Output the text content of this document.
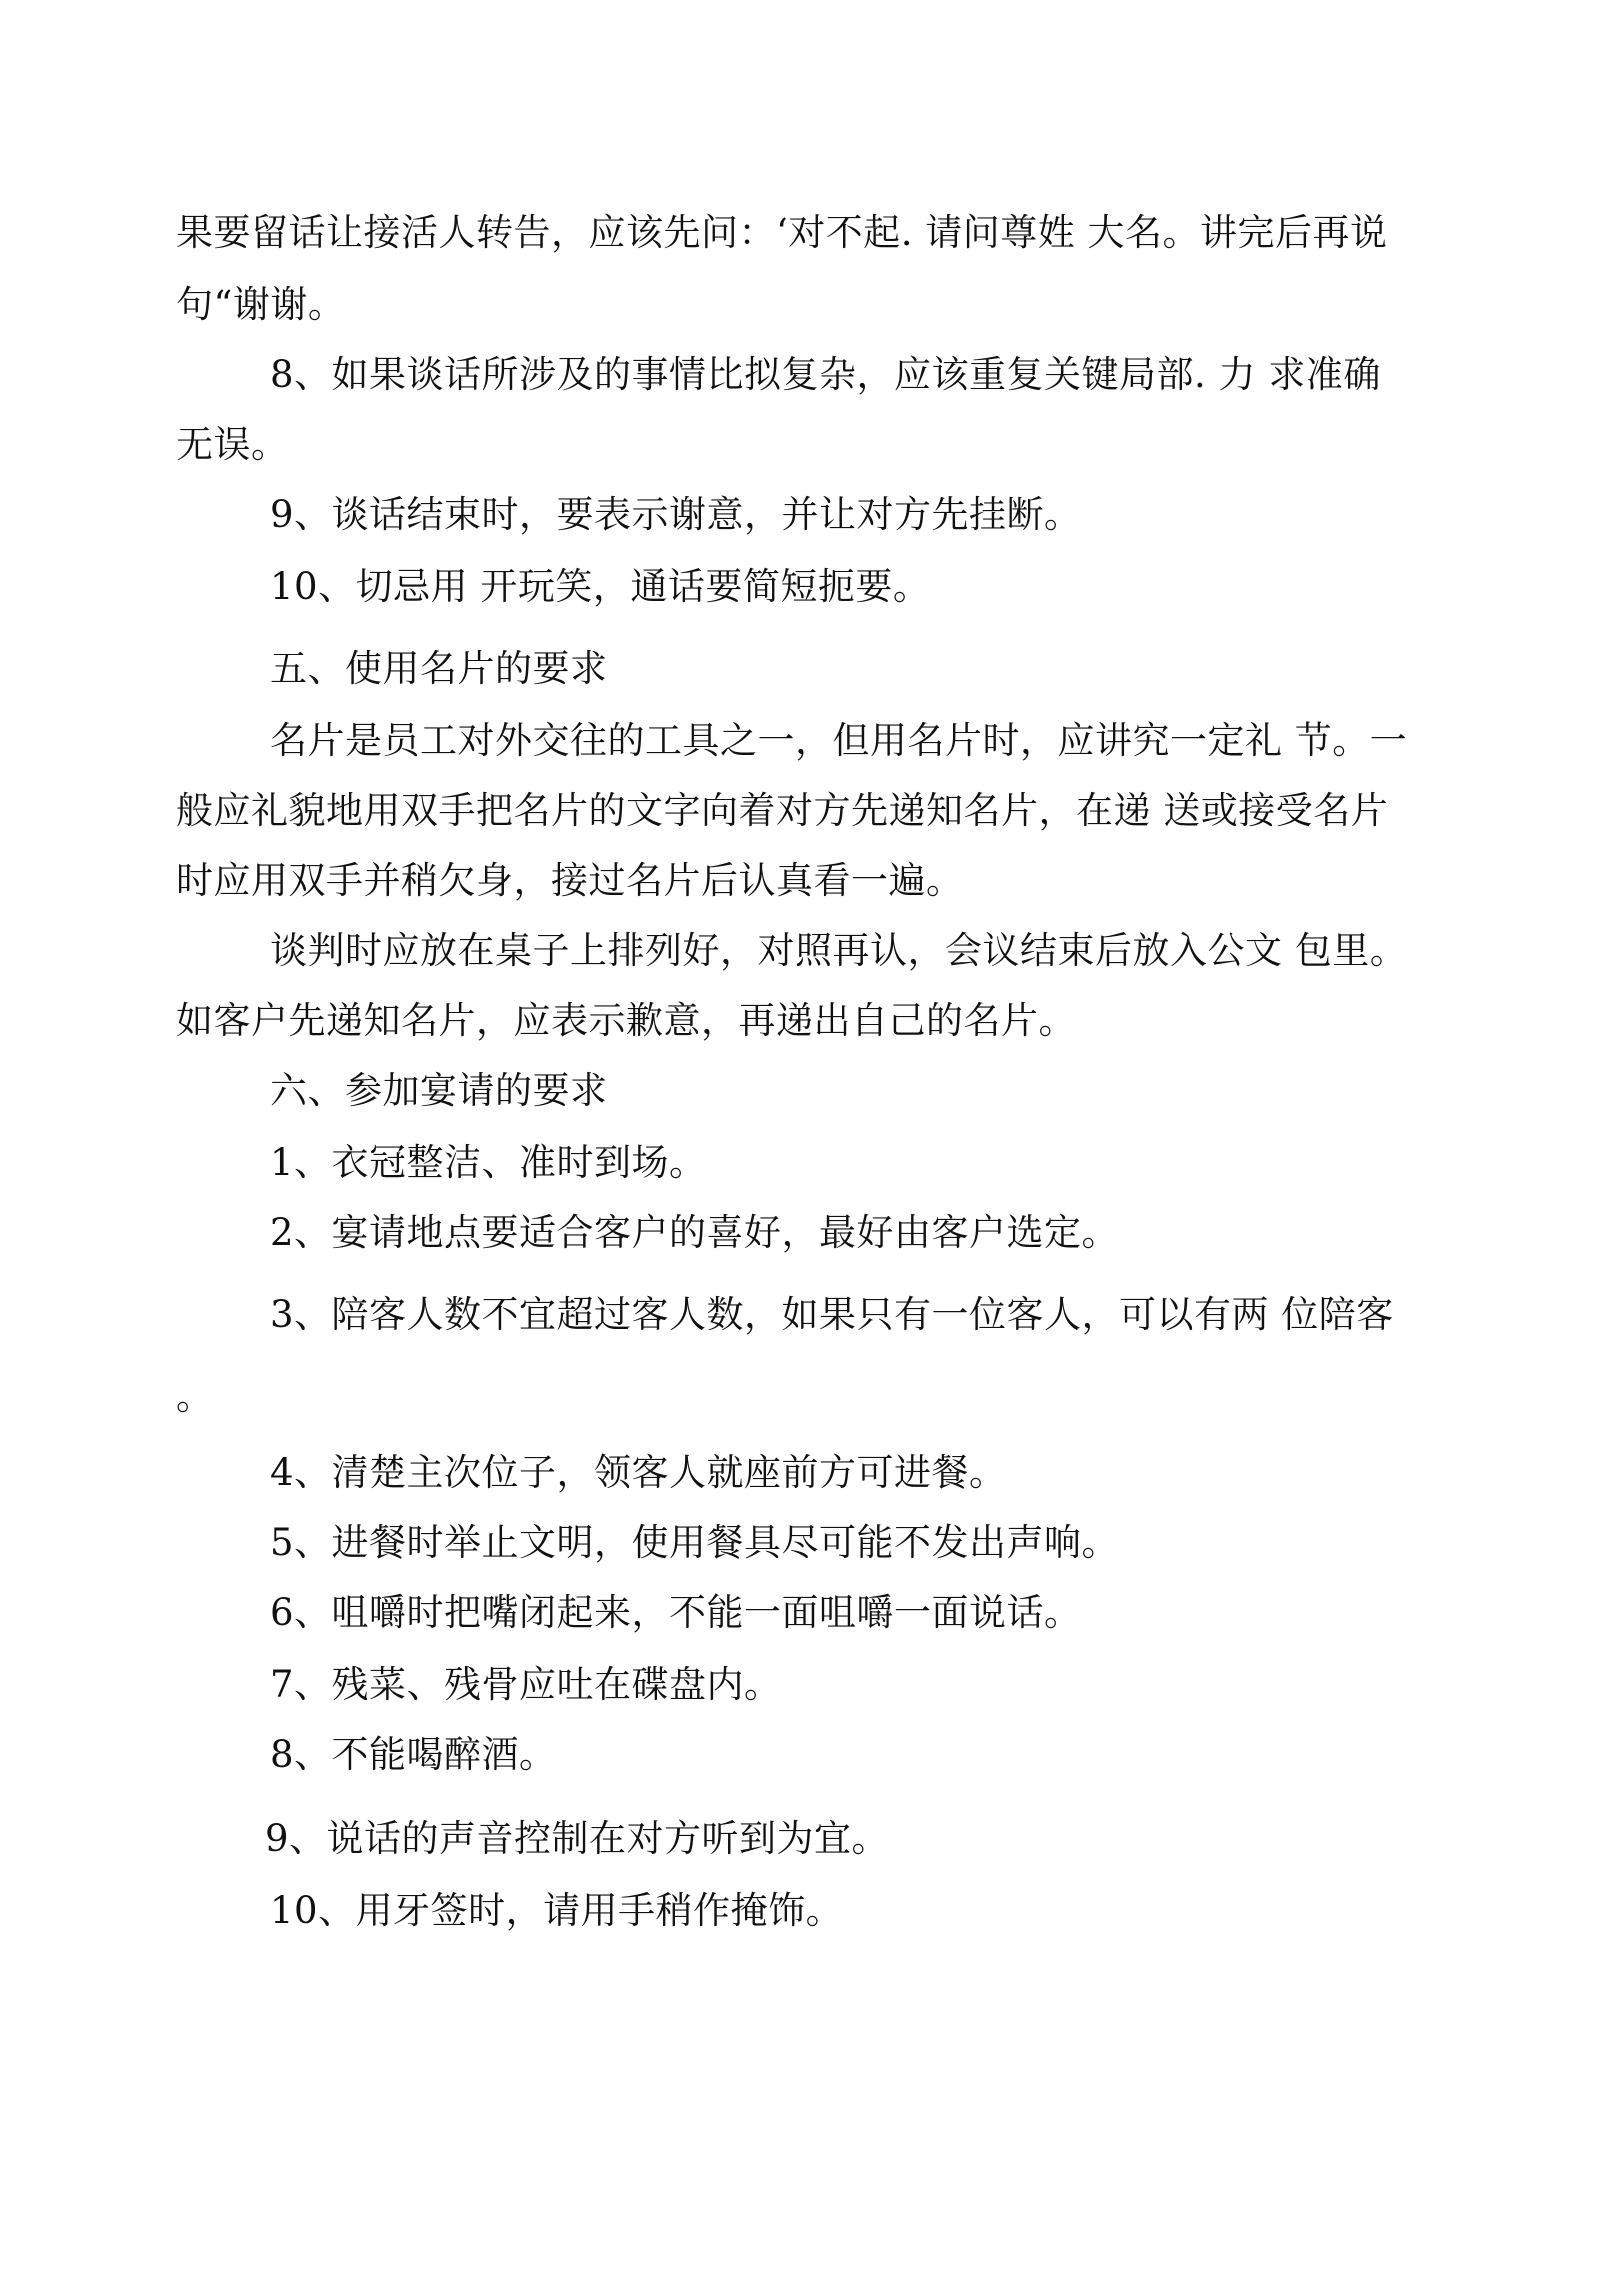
果要留话让接活人转告，应该先问：‘对不起. 请问尊姓 大名。讲完后再说
句“谢谢。
8、如果谈话所涉及的事情比拟复杂，应该重复关键局部. 力 求准确
无误。
9、谈话结束时，要表示谢意，并让对方先挂断。
10、切忌用 开玩笑，通话要简短扼要。
五、使用名片的要求
名片是员工对外交往的工具之一，但用名片时，应讲究一定礼 节。一
般应礼貌地用双手把名片的文字向着对方先递知名片，在递 送或接受名片
时应用双手并稍欠身，接过名片后认真看一遍。
谈判时应放在桌子上排列好，对照再认，会议结束后放入公文 包里。
如客户先递知名片，应表示歉意，再递出自己的名片。
六、参加宴请的要求
1、衣冠整洁、准时到场。
2、宴请地点要适合客户的喜好，最好由客户选定。
3、陪客人数不宜超过客人数，如果只有一位客人，可以有两 位陪客
。
4、清楚主次位子，领客人就座前方可进餐。
5、进餐时举止文明，使用餐具尽可能不发出声响。
6、咀嚼时把嘴闭起来，不能一面咀嚼一面说话。
7、残菜、残骨应吐在碟盘内。
8、不能喝醉酒。
9、说话的声音控制在对方听到为宜。
10、用牙签时，请用手稍作掩饰。
